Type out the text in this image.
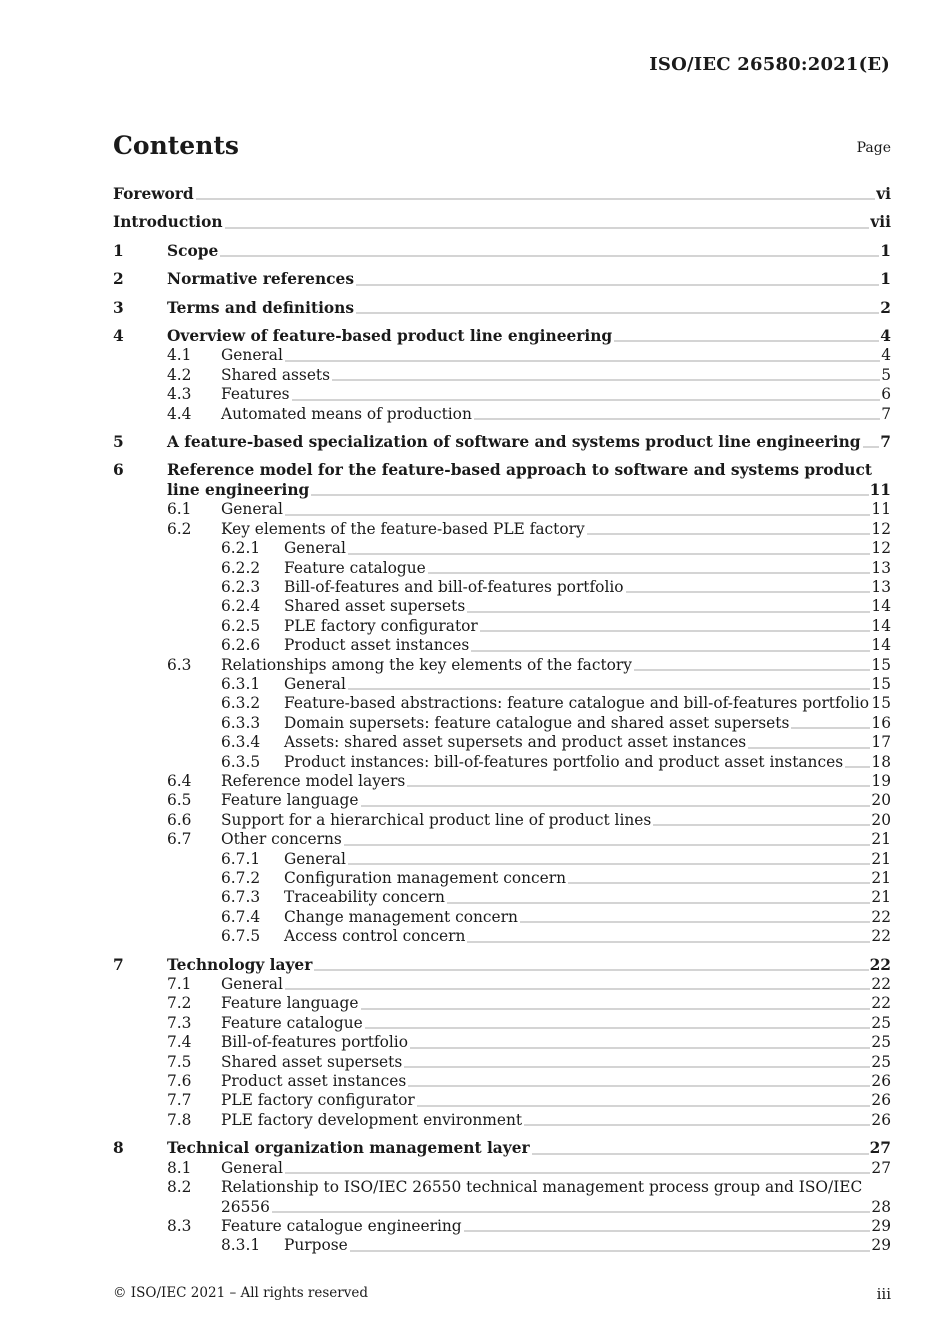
ISO/IEC 26580:2021(E)
Contents	Page
Foreword	vi
Introduction	vii
1	Scope	1
2	Normative references	1
3	Terms and definitions	2
4	Overview of feature-based product line engineering	4
4.1	General	4
4.2	Shared assets	5
4.3	Features	6
4.4	Automated means of production	7
5	A feature-based specialization of software and systems product line engineering 7
6	Reference model for the feature-based approach to software and systems product
line engineering	11
6.1	General	11
6.2	Key elements of the feature-based PLE factory	12
6.2.1	General	12
6.2.2	Feature catalogue	13
6.2.3	Bill-of-features and bill-of-features portfolio	13
6.2.4	Shared asset supersets	14
6.2.5	PLE factory configurator	14
6.2.6	Product asset instances	14
6.3	Relationships among the key elements of the factory	15
6.3.1	General	15
6.3.2	Feature-based abstractions: feature catalogue and bill-of-features portfolio 15
6.3.3	Domain supersets: feature catalogue and shared asset supersets	16
6.3.4	Assets: shared asset supersets and product asset instances	17
6.3.5	Product instances: bill-of-features portfolio and product asset instances 18
6.4	Reference model layers	19
6.5	Feature language	20
6.6	Support for a hierarchical product line of product lines	20
6.7	Other concerns	21
6.7.1	General	21
6.7.2	Configuration management concern	21
6.7.3	Traceability concern	21
6.7.4	Change management concern	22
6.7.5	Access control concern	22
7	Technology layer	22
7.1	General	22
7.2	Feature language	22
7.3	Feature catalogue	25
7.4	Bill-of-features portfolio	25
7.5	Shared asset supersets	25
7.6	Product asset instances	26
7.7	PLE factory configurator	26
7.8	PLE factory development environment	26
8	Technical organization management layer	27
8.1	General	27
8.2	Relationship to ISO/IEC 26550 technical management process group and ISO/IEC
26556	28
8.3	Feature catalogue engineering	29
8.3.1	Purpose	29
© ISO/IEC 2021 – All rights reserved	iii
